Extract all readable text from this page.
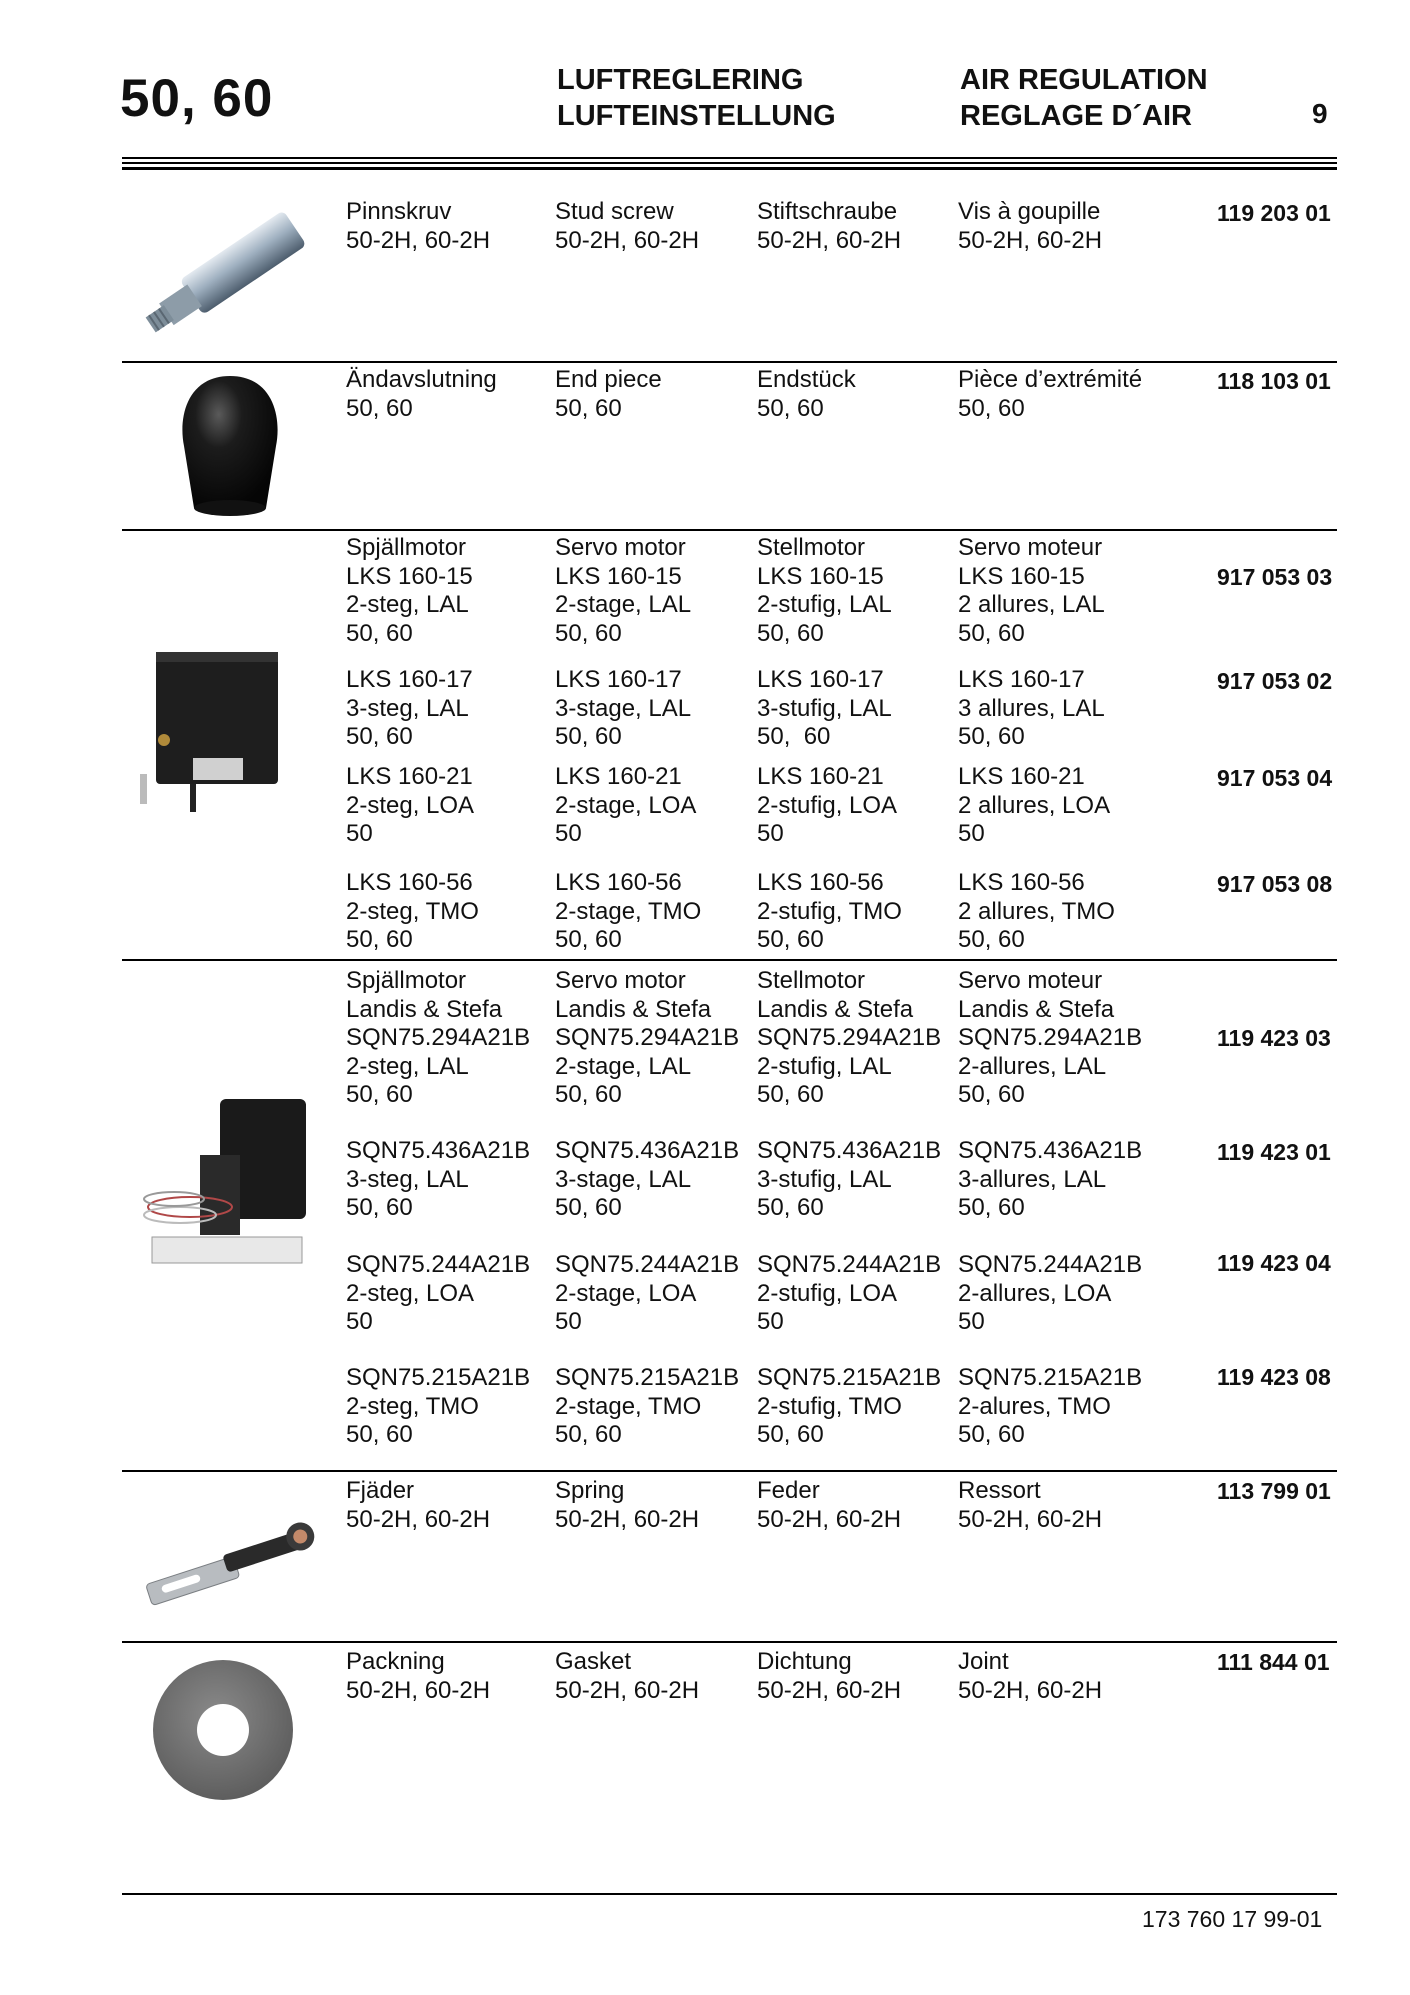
50, 60	LUFTREGLERING
LUFTEINSTELLUNG
AIR REGULATION
REGLAGE D´AIR	9
Pinnskruv
50-2H, 60-2H
Stud screw
50-2H, 60-2H
Stiftschraube
50-2H, 60-2H
Vis à goupille
50-2H, 60-2H
119 203 01
Ändavslutning
50, 60
End piece
50, 60
Endstück
50, 60
Pièce d’extrémité
50, 60
118 103 01
Spjällmotor
LKS 160-15
2-steg, LAL
50, 60
Servo motor
LKS 160-15
2-stage, LAL
50, 60
Stellmotor
LKS 160-15
2-stufig, LAL
50, 60
Servo moteur
LKS 160-15
2 allures, LAL
50, 60
917 053 03
LKS 160-17
3-steg, LAL
50, 60
LKS 160-17
3-stage, LAL
50, 60
LKS 160-17
3-stufig, LAL
50,  60
LKS 160-17
3 allures, LAL
50, 60
917 053 02
LKS 160-21
2-steg, LOA
50
LKS 160-21
2-stage, LOA
50
LKS 160-21
2-stufig, LOA
50
LKS 160-21
2 allures, LOA
50
917 053 04
LKS 160-56
2-steg, TMO
50, 60
LKS 160-56
2-stage, TMO
50, 60
LKS 160-56
2-stufig, TMO
50, 60
LKS 160-56
2 allures, TMO
50, 60
917 053 08
Spjällmotor
Landis & Stefa
SQN75.294A21B
2-steg, LAL
50, 60
Servo motor
Landis & Stefa
SQN75.294A21B
2-stage, LAL
50, 60
Stellmotor
Landis & Stefa
SQN75.294A21B
2-stufig, LAL
50, 60
Servo moteur
Landis & Stefa
SQN75.294A21B
2-allures, LAL
50, 60
119 423 03
SQN75.436A21B
3-steg, LAL
50, 60
SQN75.436A21B
3-stage, LAL
50, 60
SQN75.436A21B
3-stufig, LAL
50, 60
SQN75.436A21B
3-allures, LAL
50, 60
119 423 01
SQN75.244A21B
2-steg, LOA
50
SQN75.244A21B
2-stage, LOA
50
SQN75.244A21B
2-stufig, LOA
50
SQN75.244A21B
2-allures, LOA
50
119 423 04
SQN75.215A21B
2-steg, TMO
50, 60
SQN75.215A21B
2-stage, TMO
50, 60
SQN75.215A21B
2-stufig, TMO
50, 60
SQN75.215A21B
2-alures, TMO
50, 60
119 423 08
Fjäder
50-2H, 60-2H
Spring
50-2H, 60-2H
Feder
50-2H, 60-2H
Ressort
50-2H, 60-2H
113 799 01
Packning
50-2H, 60-2H
Gasket
50-2H, 60-2H
Dichtung
50-2H, 60-2H
Joint
50-2H, 60-2H
111 844 01
173 760 17 99-01
